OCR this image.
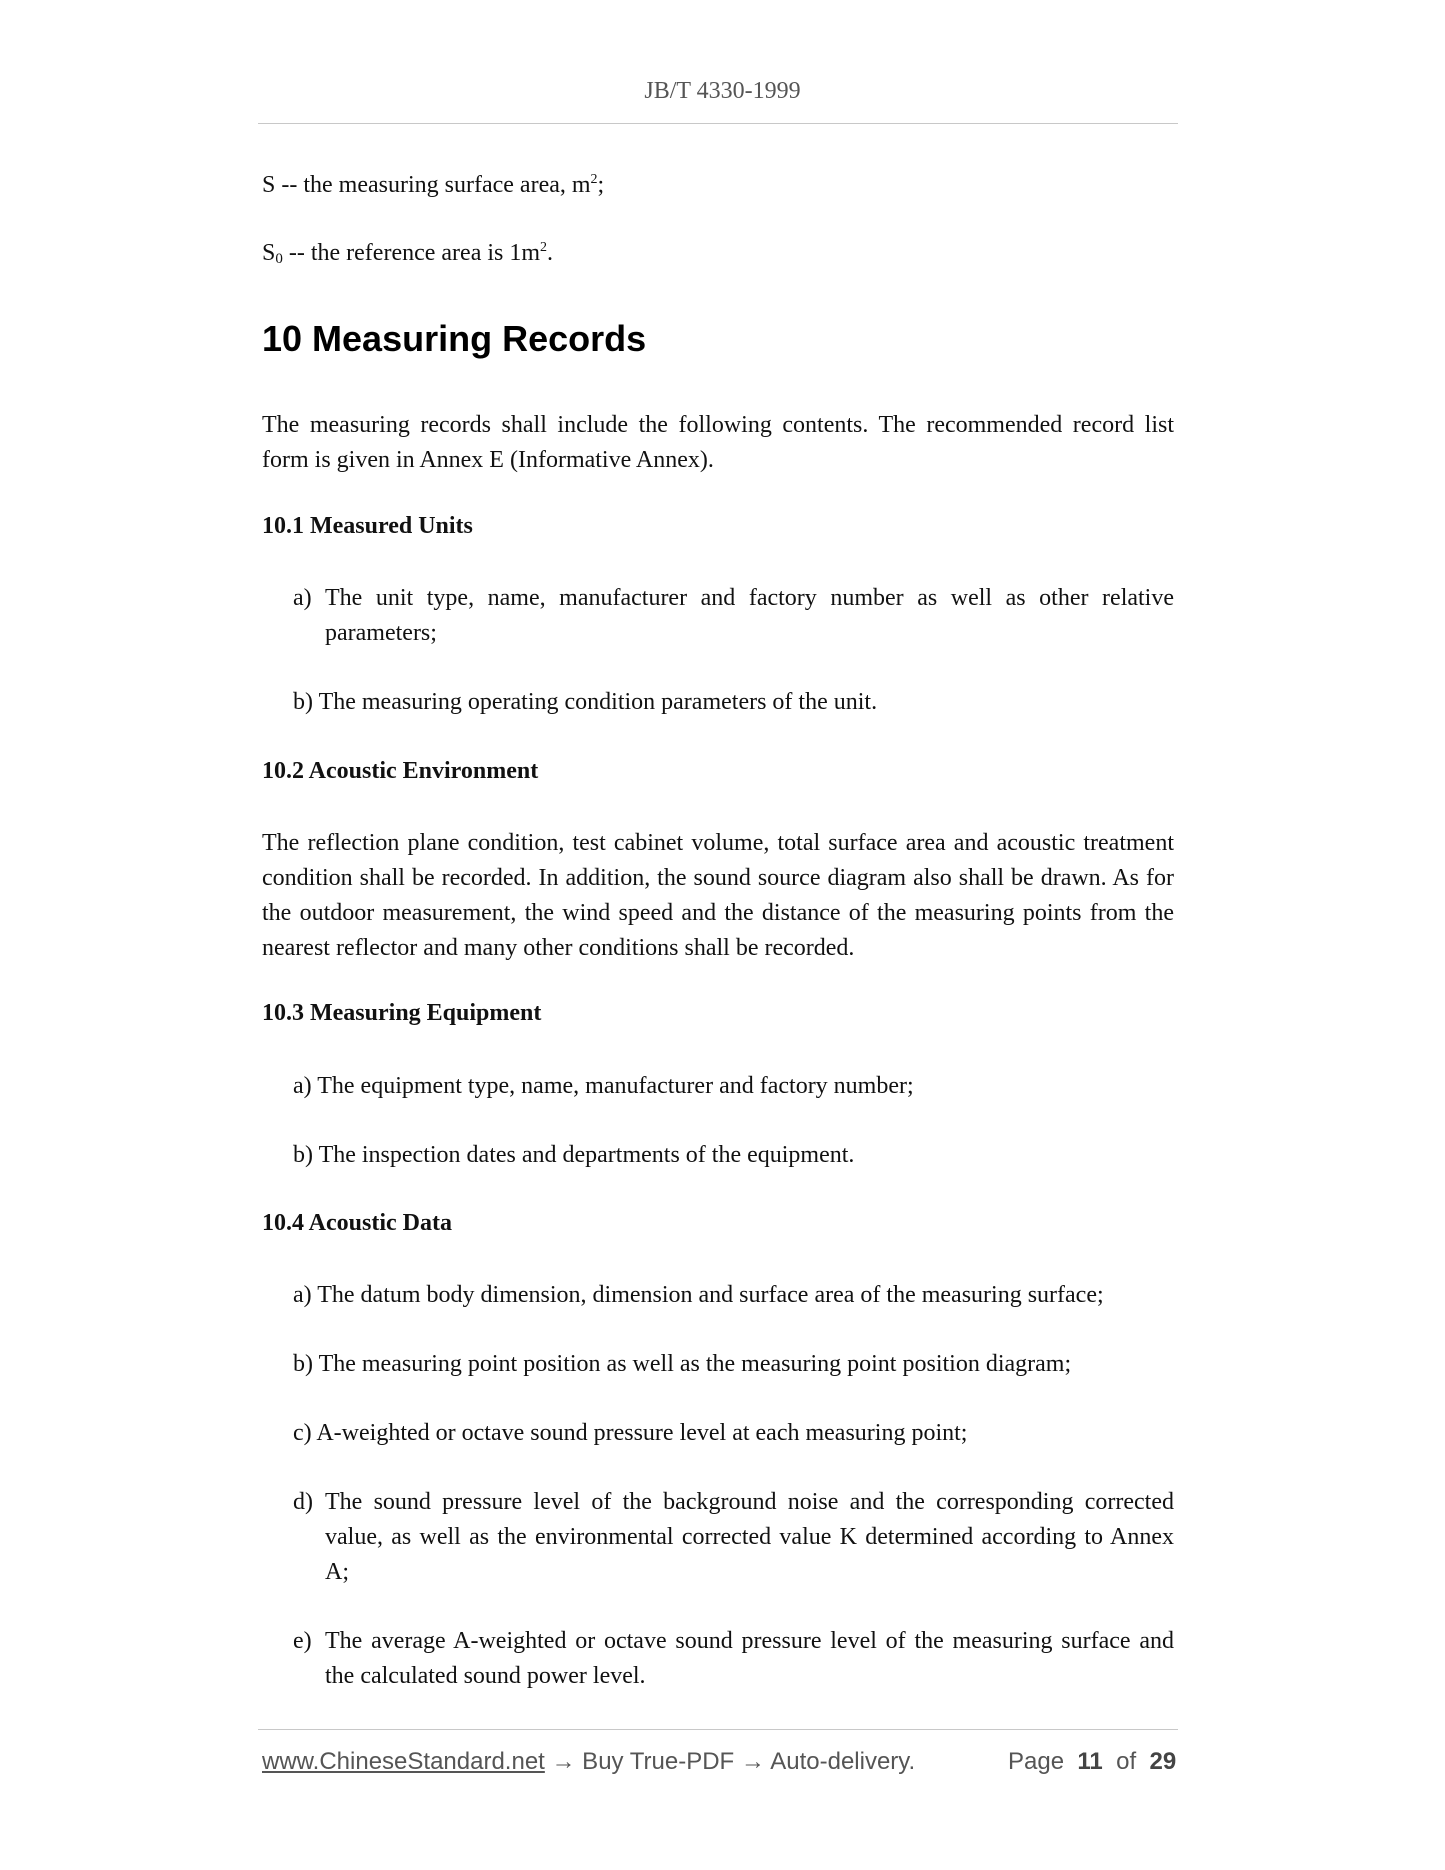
JB/T 4330-1999

S -- the measuring surface area, $m^2$;

$S_0$ -- the reference area is $1m^2$.

10 Measuring Records

The measuring records shall include the following contents. The recommended record list form is given in Annex E (Informative Annex).

10.1 Measured Units
a) The unit type, name, manufacturer and factory number as well as other relative parameters;
b) The measuring operating condition parameters of the unit.
10.2 Acoustic Environment

The reflection plane condition, test cabinet volume, total surface area and acoustic treatment condition shall be recorded. In addition, the sound source diagram also shall be drawn. As for the outdoor measurement, the wind speed and the distance of the measuring points from the nearest reflector and many other conditions shall be recorded.

10.3 Measuring Equipment
a) The equipment type, name, manufacturer and factory number;
b) The inspection dates and departments of the equipment.
10.4 Acoustic Data
a) The datum body dimension, dimension and surface area of the measuring surface;
b) The measuring point position as well as the measuring point position diagram;
c) A-weighted or octave sound pressure level at each measuring point;
d) The sound pressure level of the background noise and the corresponding corrected value, as well as the environmental corrected value K determined according to Annex A;
e) The average A-weighted or octave sound pressure level of the measuring surface and the calculated sound power level.
www.ChineseStandard.net → Buy True-PDF → Auto-delivery.	Page 11 of 29
